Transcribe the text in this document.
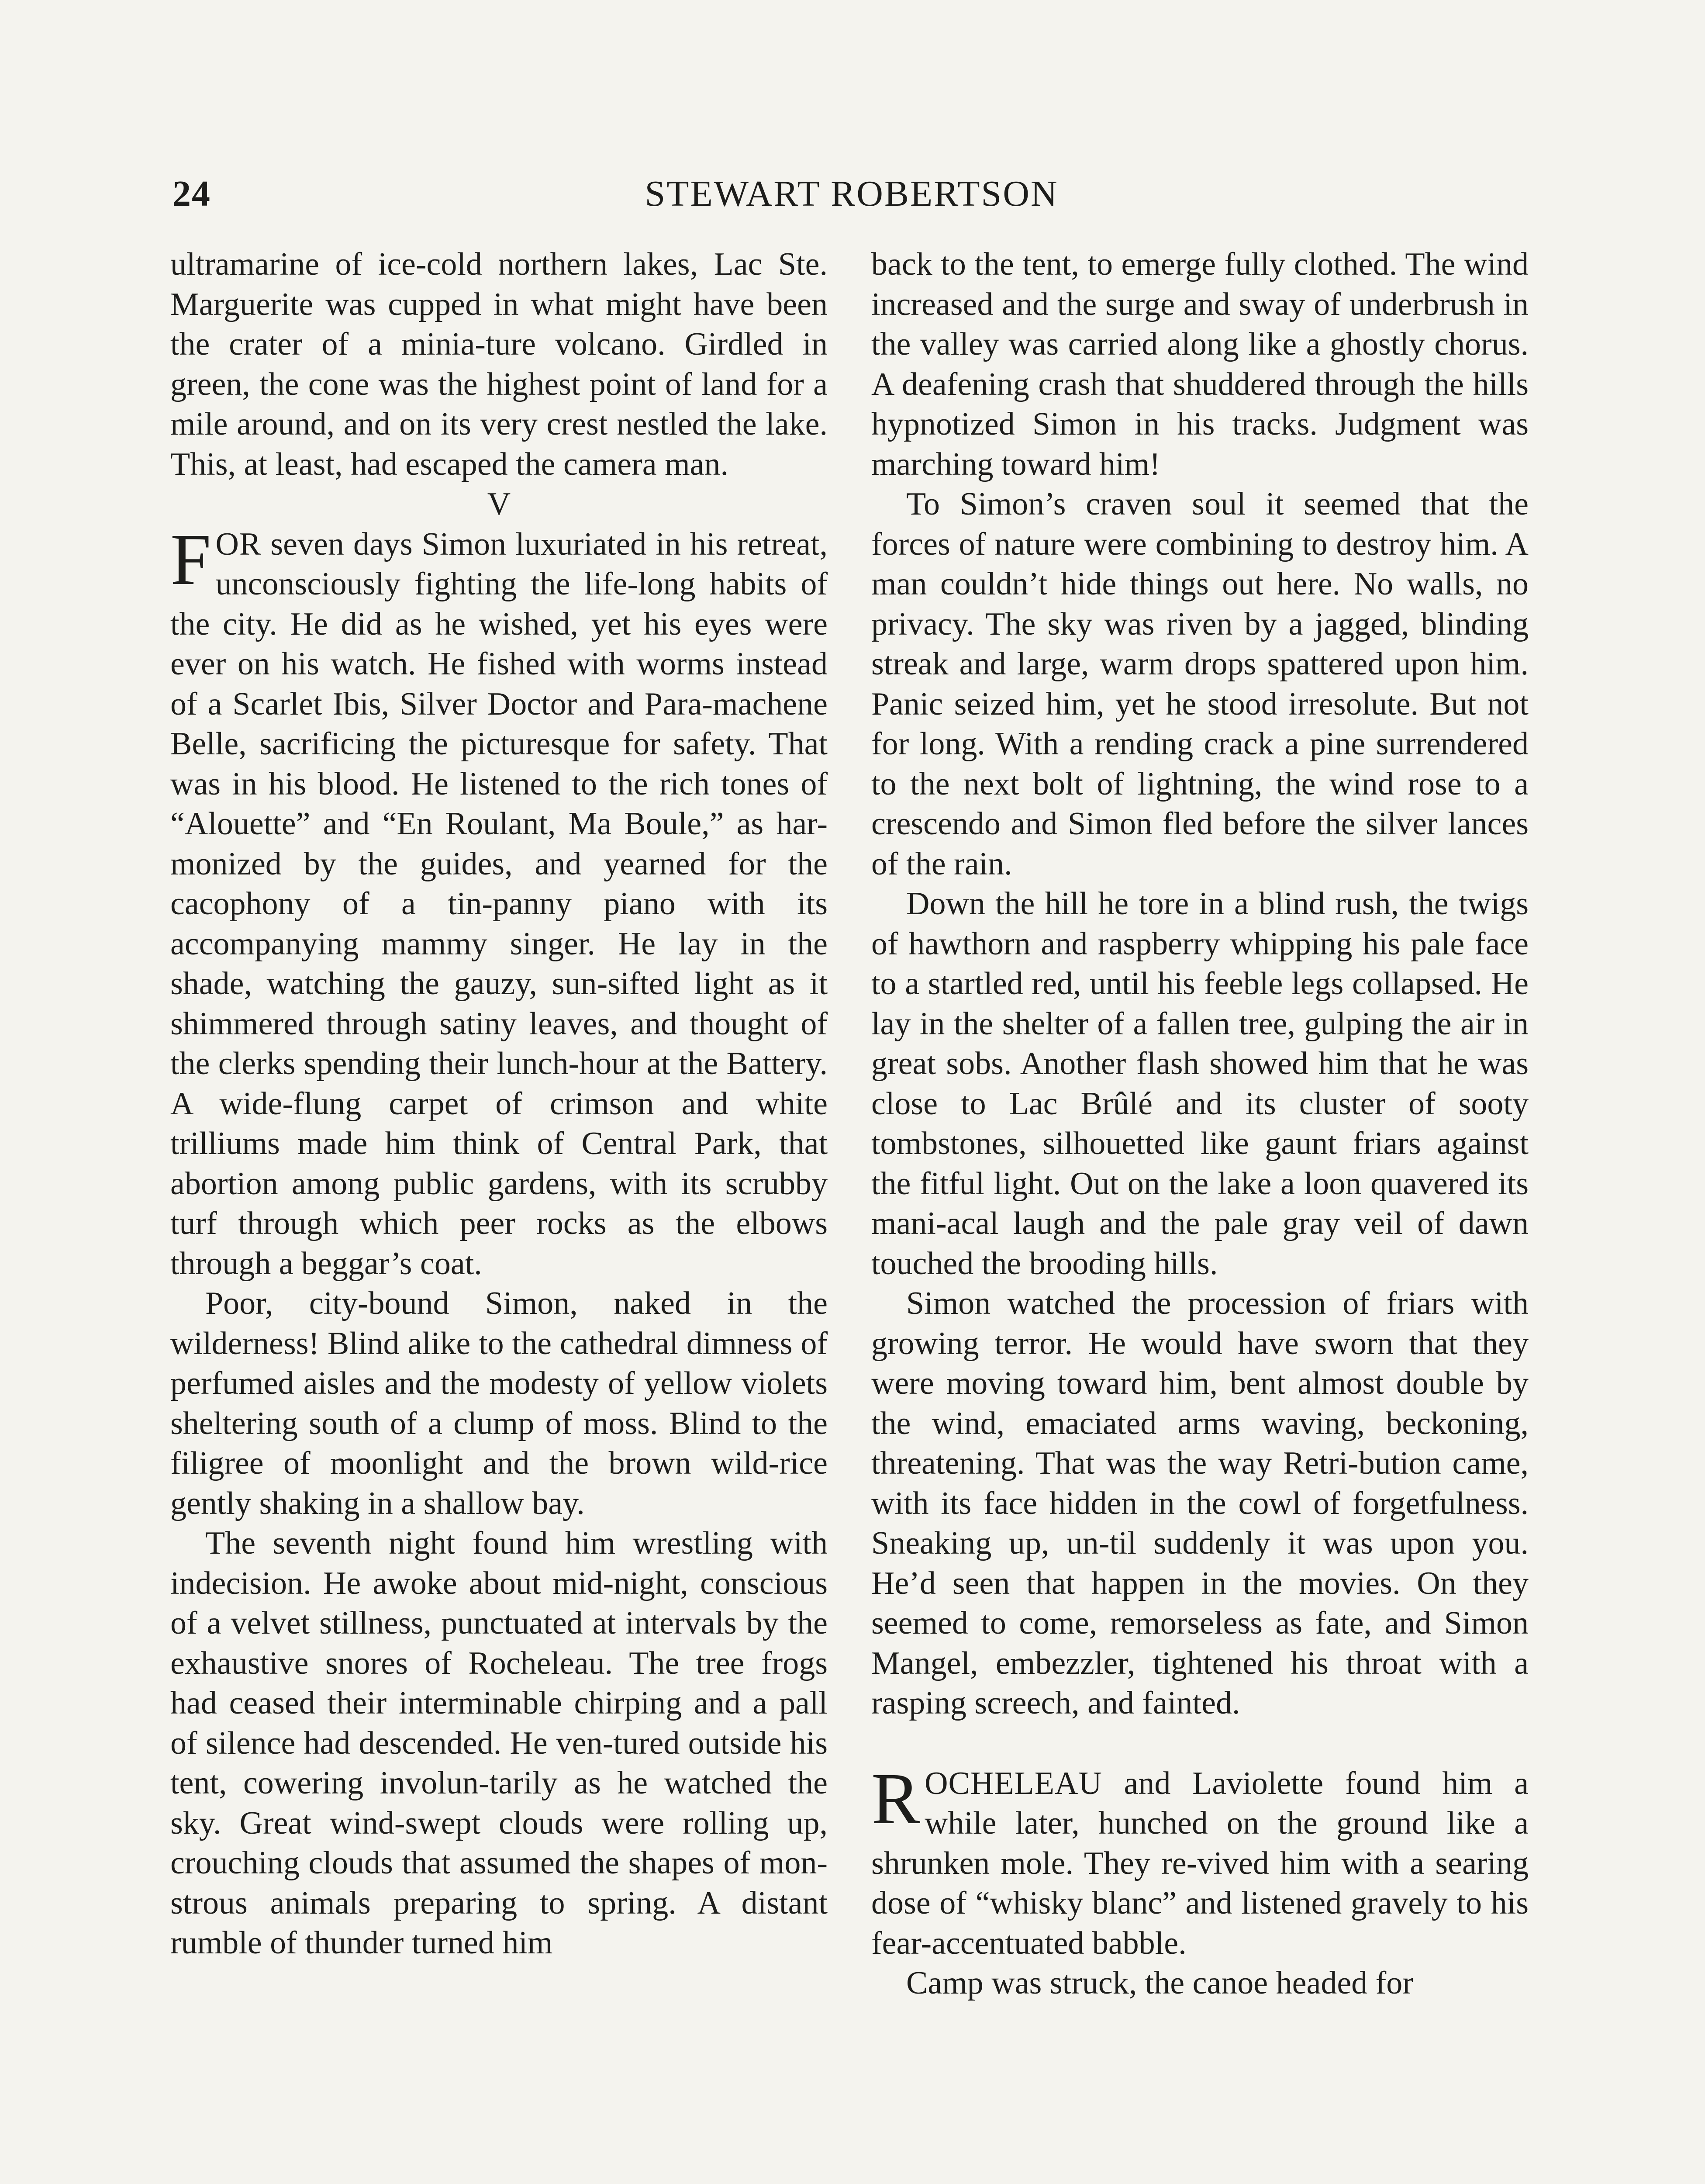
24	STEWART ROBERTSON

ultramarine of ice-cold northern lakes, Lac Ste. Marguerite was cupped in what might have been the crater of a minia-ture volcano. Girdled in green, the cone was the highest point of land for a mile around, and on its very crest nestled the lake. This, at least, had escaped the camera man.

V

FOR seven days Simon luxuriated in his retreat, unconsciously fighting the life-long habits of the city. He did as he wished, yet his eyes were ever on his watch. He fished with worms instead of a Scarlet Ibis, Silver Doctor and Para-machene Belle, sacrificing the picturesque for safety. That was in his blood. He listened to the rich tones of “Alouette” and “En Roulant, Ma Boule,” as har-monized by the guides, and yearned for the cacophony of a tin-panny piano with its accompanying mammy singer. He lay in the shade, watching the gauzy, sun-sifted light as it shimmered through satiny leaves, and thought of the clerks spending their lunch-hour at the Battery. A wide-flung carpet of crimson and white trilliums made him think of Central Park, that abortion among public gardens, with its scrubby turf through which peer rocks as the elbows through a beggar’s coat.

Poor, city-bound Simon, naked in the wilderness! Blind alike to the cathedral dimness of perfumed aisles and the modesty of yellow violets sheltering south of a clump of moss. Blind to the filigree of moonlight and the brown wild-rice gently shaking in a shallow bay.

The seventh night found him wrestling with indecision. He awoke about mid-night, conscious of a velvet stillness, punctuated at intervals by the exhaustive snores of Rocheleau. The tree frogs had ceased their interminable chirping and a pall of silence had descended. He ven-tured outside his tent, cowering involun-tarily as he watched the sky. Great wind-swept clouds were rolling up, crouching clouds that assumed the shapes of mon-strous animals preparing to spring. A distant rumble of thunder turned him

back to the tent, to emerge fully clothed. The wind increased and the surge and sway of underbrush in the valley was carried along like a ghostly chorus. A deafening crash that shuddered through the hills hypnotized Simon in his tracks. Judgment was marching toward him!

To Simon’s craven soul it seemed that the forces of nature were combining to destroy him. A man couldn’t hide things out here. No walls, no privacy. The sky was riven by a jagged, blinding streak and large, warm drops spattered upon him. Panic seized him, yet he stood irresolute. But not for long. With a rending crack a pine surrendered to the next bolt of lightning, the wind rose to a crescendo and Simon fled before the silver lances of the rain.

Down the hill he tore in a blind rush, the twigs of hawthorn and raspberry whipping his pale face to a startled red, until his feeble legs collapsed. He lay in the shelter of a fallen tree, gulping the air in great sobs. Another flash showed him that he was close to Lac Brûlé and its cluster of sooty tombstones, silhouetted like gaunt friars against the fitful light. Out on the lake a loon quavered its mani-acal laugh and the pale gray veil of dawn touched the brooding hills.

Simon watched the procession of friars with growing terror. He would have sworn that they were moving toward him, bent almost double by the wind, emaciated arms waving, beckoning, threatening. That was the way Retri-bution came, with its face hidden in the cowl of forgetfulness. Sneaking up, un-til suddenly it was upon you. He’d seen that happen in the movies. On they seemed to come, remorseless as fate, and Simon Mangel, embezzler, tightened his throat with a rasping screech, and fainted.

ROCHELEAU and Laviolette found him a while later, hunched on the ground like a shrunken mole. They re-vived him with a searing dose of “whisky blanc” and listened gravely to his fear-accentuated babble.

Camp was struck, the canoe headed for
